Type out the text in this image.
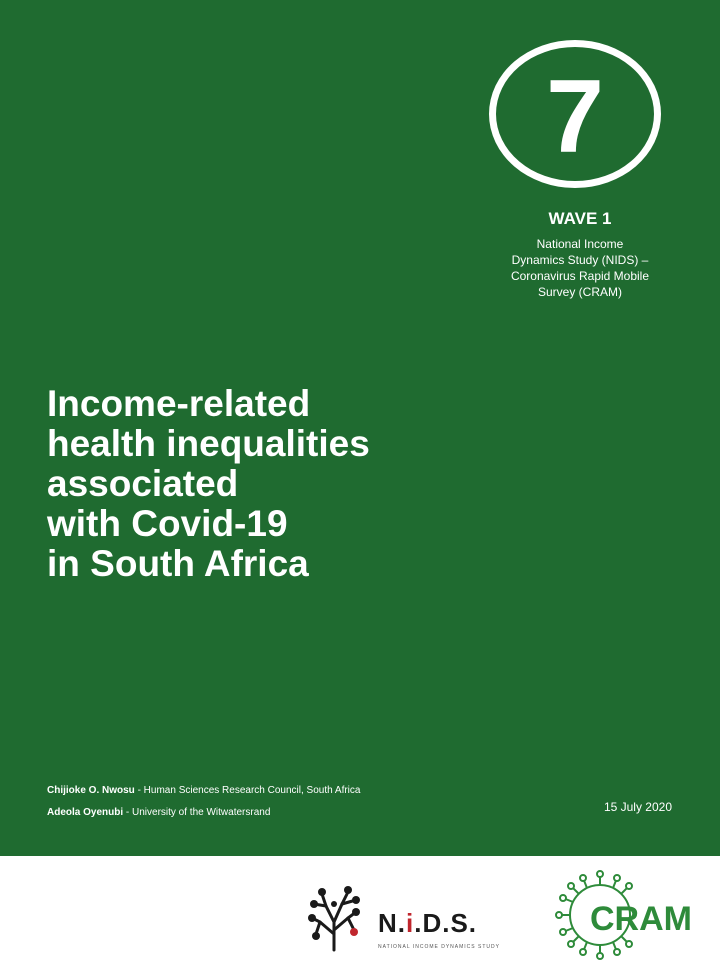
7
WAVE 1

National Income
Dynamics Study (NIDS) –
Coronavirus Rapid Mobile
Survey (CRAM)

Income-related
health inequalities
associated
with Covid-19
in South Africa
Chijioke O. Nwosu - Human Sciences Research Council, South Africa
Adeola Oyenubi - University of the Witwatersrand	15 July 2020
N.i.D.S.
NATIONAL INCOME DYNAMICS STUDY
CRAM
